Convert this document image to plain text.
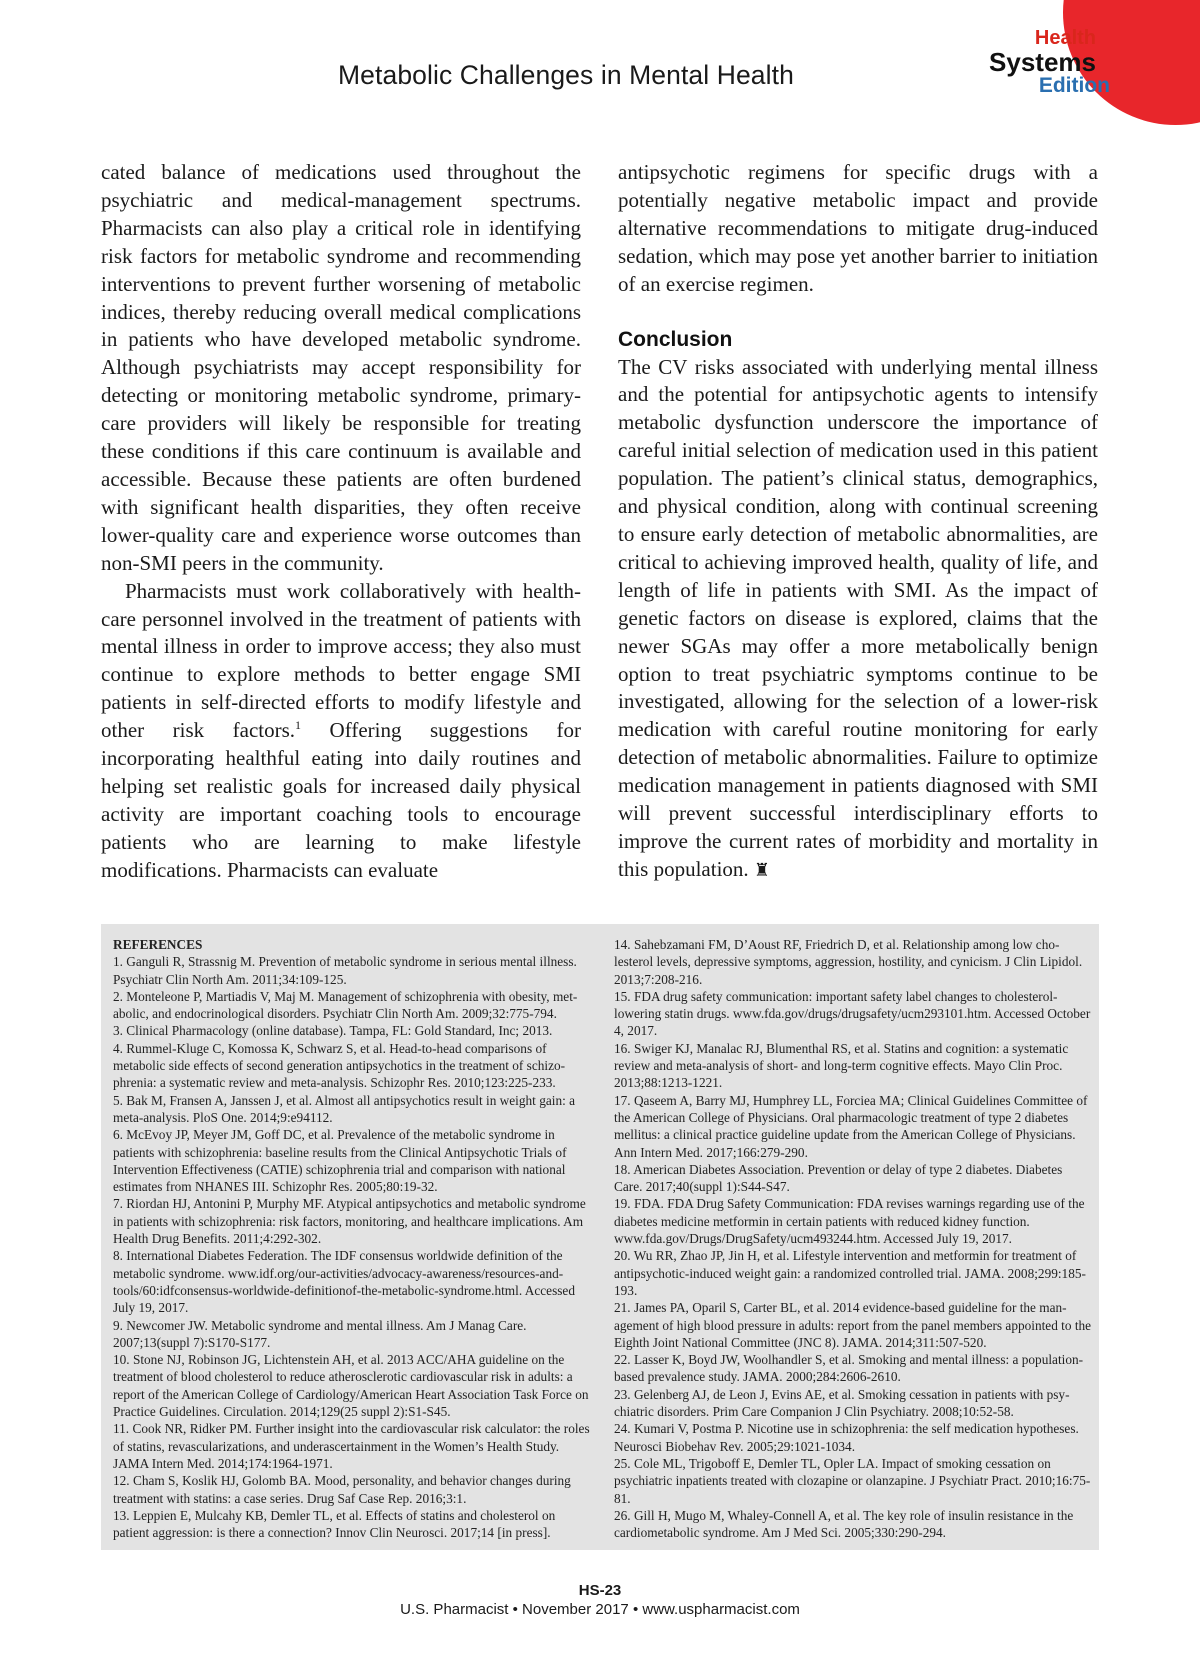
Health
Systems
Edition
Metabolic Challenges in Mental Health

cated balance of medications used throughout the psychiatric and medical-management spectrums. Pharmacists can also play a critical role in identifying risk factors for metabolic syndrome and recommending interventions to prevent further worsening of metabolic indices, thereby reducing overall medical complications in patients who have developed metabolic syndrome. Although psychiatrists may accept responsibility for detecting or monitoring metabolic syndrome, primary-care providers will likely be responsible for treating these conditions if this care continuum is available and accessible. Because these patients are often burdened with significant health disparities, they often receive lower-quality care and experience worse outcomes than non-SMI peers in the community.

Pharmacists must work collaboratively with healthcare personnel involved in the treatment of patients with mental illness in order to improve access; they also must continue to explore methods to better engage SMI patients in self-directed efforts to modify lifestyle and other risk factors.$^1$ Offering suggestions for incorporating healthful eating into daily routines and helping set realistic goals for increased daily physical activity are important coaching tools to encourage patients who are learning to make lifestyle modifications. Pharmacists can evaluate

antipsychotic regimens for specific drugs with a potentially negative metabolic impact and provide alternative recommendations to mitigate drug-induced sedation, which may pose yet another barrier to initiation of an exercise regimen.

Conclusion

The CV risks associated with underlying mental illness and the potential for antipsychotic agents to intensify metabolic dysfunction underscore the importance of careful initial selection of medication used in this patient population. The patient’s clinical status, demographics, and physical condition, along with continual screening to ensure early detection of metabolic abnormalities, are critical to achieving improved health, quality of life, and length of life in patients with SMI. As the impact of genetic factors on disease is explored, claims that the newer SGAs may offer a more metabolically benign option to treat psychiatric symptoms continue to be investigated, allowing for the selection of a lower-risk medication with careful routine monitoring for early detection of metabolic abnormalities. Failure to optimize medication management in patients diagnosed with SMI will prevent successful interdisciplinary efforts to improve the current rates of morbidity and mortality in this population. ♜

REFERENCES

1. Ganguli R, Strassnig M. Prevention of metabolic syndrome in serious mental illness. Psychiatr Clin North Am. 2011;34:109-125.

2. Monteleone P, Martiadis V, Maj M. Management of schizophrenia with obesity, metabolic, and endocrinological disorders. Psychiatr Clin North Am. 2009;32:775-794.

3. Clinical Pharmacology (online database). Tampa, FL: Gold Standard, Inc; 2013.

4. Rummel-Kluge C, Komossa K, Schwarz S, et al. Head-to-head comparisons of metabolic side effects of second generation antipsychotics in the treatment of schizophrenia: a systematic review and meta-analysis. Schizophr Res. 2010;123:225-233.

5. Bak M, Fransen A, Janssen J, et al. Almost all antipsychotics result in weight gain: a meta-analysis. PloS One. 2014;9:e94112.

6. McEvoy JP, Meyer JM, Goff DC, et al. Prevalence of the metabolic syndrome in patients with schizophrenia: baseline results from the Clinical Antipsychotic Trials of Intervention Effectiveness (CATIE) schizophrenia trial and comparison with national estimates from NHANES III. Schizophr Res. 2005;80:19-32.

7. Riordan HJ, Antonini P, Murphy MF. Atypical antipsychotics and metabolic syndrome in patients with schizophrenia: risk factors, monitoring, and healthcare implications. Am Health Drug Benefits. 2011;4:292-302.

8. International Diabetes Federation. The IDF consensus worldwide definition of the metabolic syndrome. www.idf.org/our-activities/advocacy-awareness/resources-and-tools/60:idfconsensus-worldwide-definitionof-the-metabolic-syndrome.html. Accessed July 19, 2017.

9. Newcomer JW. Metabolic syndrome and mental illness. Am J Manag Care. 2007;13(suppl 7):S170-S177.

10. Stone NJ, Robinson JG, Lichtenstein AH, et al. 2013 ACC/AHA guideline on the treatment of blood cholesterol to reduce atherosclerotic cardiovascular risk in adults: a report of the American College of Cardiology/American Heart Association Task Force on Practice Guidelines. Circulation. 2014;129(25 suppl 2):S1-S45.

11. Cook NR, Ridker PM. Further insight into the cardiovascular risk calculator: the roles of statins, revascularizations, and underascertainment in the Women’s Health Study. JAMA Intern Med. 2014;174:1964-1971.

12. Cham S, Koslik HJ, Golomb BA. Mood, personality, and behavior changes during treatment with statins: a case series. Drug Saf Case Rep. 2016;3:1.

13. Leppien E, Mulcahy KB, Demler TL, et al. Effects of statins and cholesterol on patient aggression: is there a connection? Innov Clin Neurosci. 2017;14 [in press].

14. Sahebzamani FM, D’Aoust RF, Friedrich D, et al. Relationship among low cholesterol levels, depressive symptoms, aggression, hostility, and cynicism. J Clin Lipidol. 2013;7:208-216.

15. FDA drug safety communication: important safety label changes to cholesterol-lowering statin drugs. www.fda.gov/drugs/drugsafety/ucm293101.htm. Accessed October 4, 2017.

16. Swiger KJ, Manalac RJ, Blumenthal RS, et al. Statins and cognition: a systematic review and meta-analysis of short- and long-term cognitive effects. Mayo Clin Proc. 2013;88:1213-1221.

17. Qaseem A, Barry MJ, Humphrey LL, Forciea MA; Clinical Guidelines Committee of the American College of Physicians. Oral pharmacologic treatment of type 2 diabetes mellitus: a clinical practice guideline update from the American College of Physicians. Ann Intern Med. 2017;166:279-290.

18. American Diabetes Association. Prevention or delay of type 2 diabetes. Diabetes Care. 2017;40(suppl 1):S44-S47.

19. FDA. FDA Drug Safety Communication: FDA revises warnings regarding use of the diabetes medicine metformin in certain patients with reduced kidney function. www.fda.gov/Drugs/DrugSafety/ucm493244.htm. Accessed July 19, 2017.

20. Wu RR, Zhao JP, Jin H, et al. Lifestyle intervention and metformin for treatment of antipsychotic-induced weight gain: a randomized controlled trial. JAMA. 2008;299:185-193.

21. James PA, Oparil S, Carter BL, et al. 2014 evidence-based guideline for the management of high blood pressure in adults: report from the panel members appointed to the Eighth Joint National Committee (JNC 8). JAMA. 2014;311:507-520.

22. Lasser K, Boyd JW, Woolhandler S, et al. Smoking and mental illness: a population-based prevalence study. JAMA. 2000;284:2606-2610.

23. Gelenberg AJ, de Leon J, Evins AE, et al. Smoking cessation in patients with psychiatric disorders. Prim Care Companion J Clin Psychiatry. 2008;10:52-58.

24. Kumari V, Postma P. Nicotine use in schizophrenia: the self medication hypotheses. Neurosci Biobehav Rev. 2005;29:1021-1034.

25. Cole ML, Trigoboff E, Demler TL, Opler LA. Impact of smoking cessation on psychiatric inpatients treated with clozapine or olanzapine. J Psychiatr Pract. 2010;16:75-81.

26. Gill H, Mugo M, Whaley-Connell A, et al. The key role of insulin resistance in the cardiometabolic syndrome. Am J Med Sci. 2005;330:290-294.

HS-23
U.S. Pharmacist • November 2017 • www.uspharmacist.com
